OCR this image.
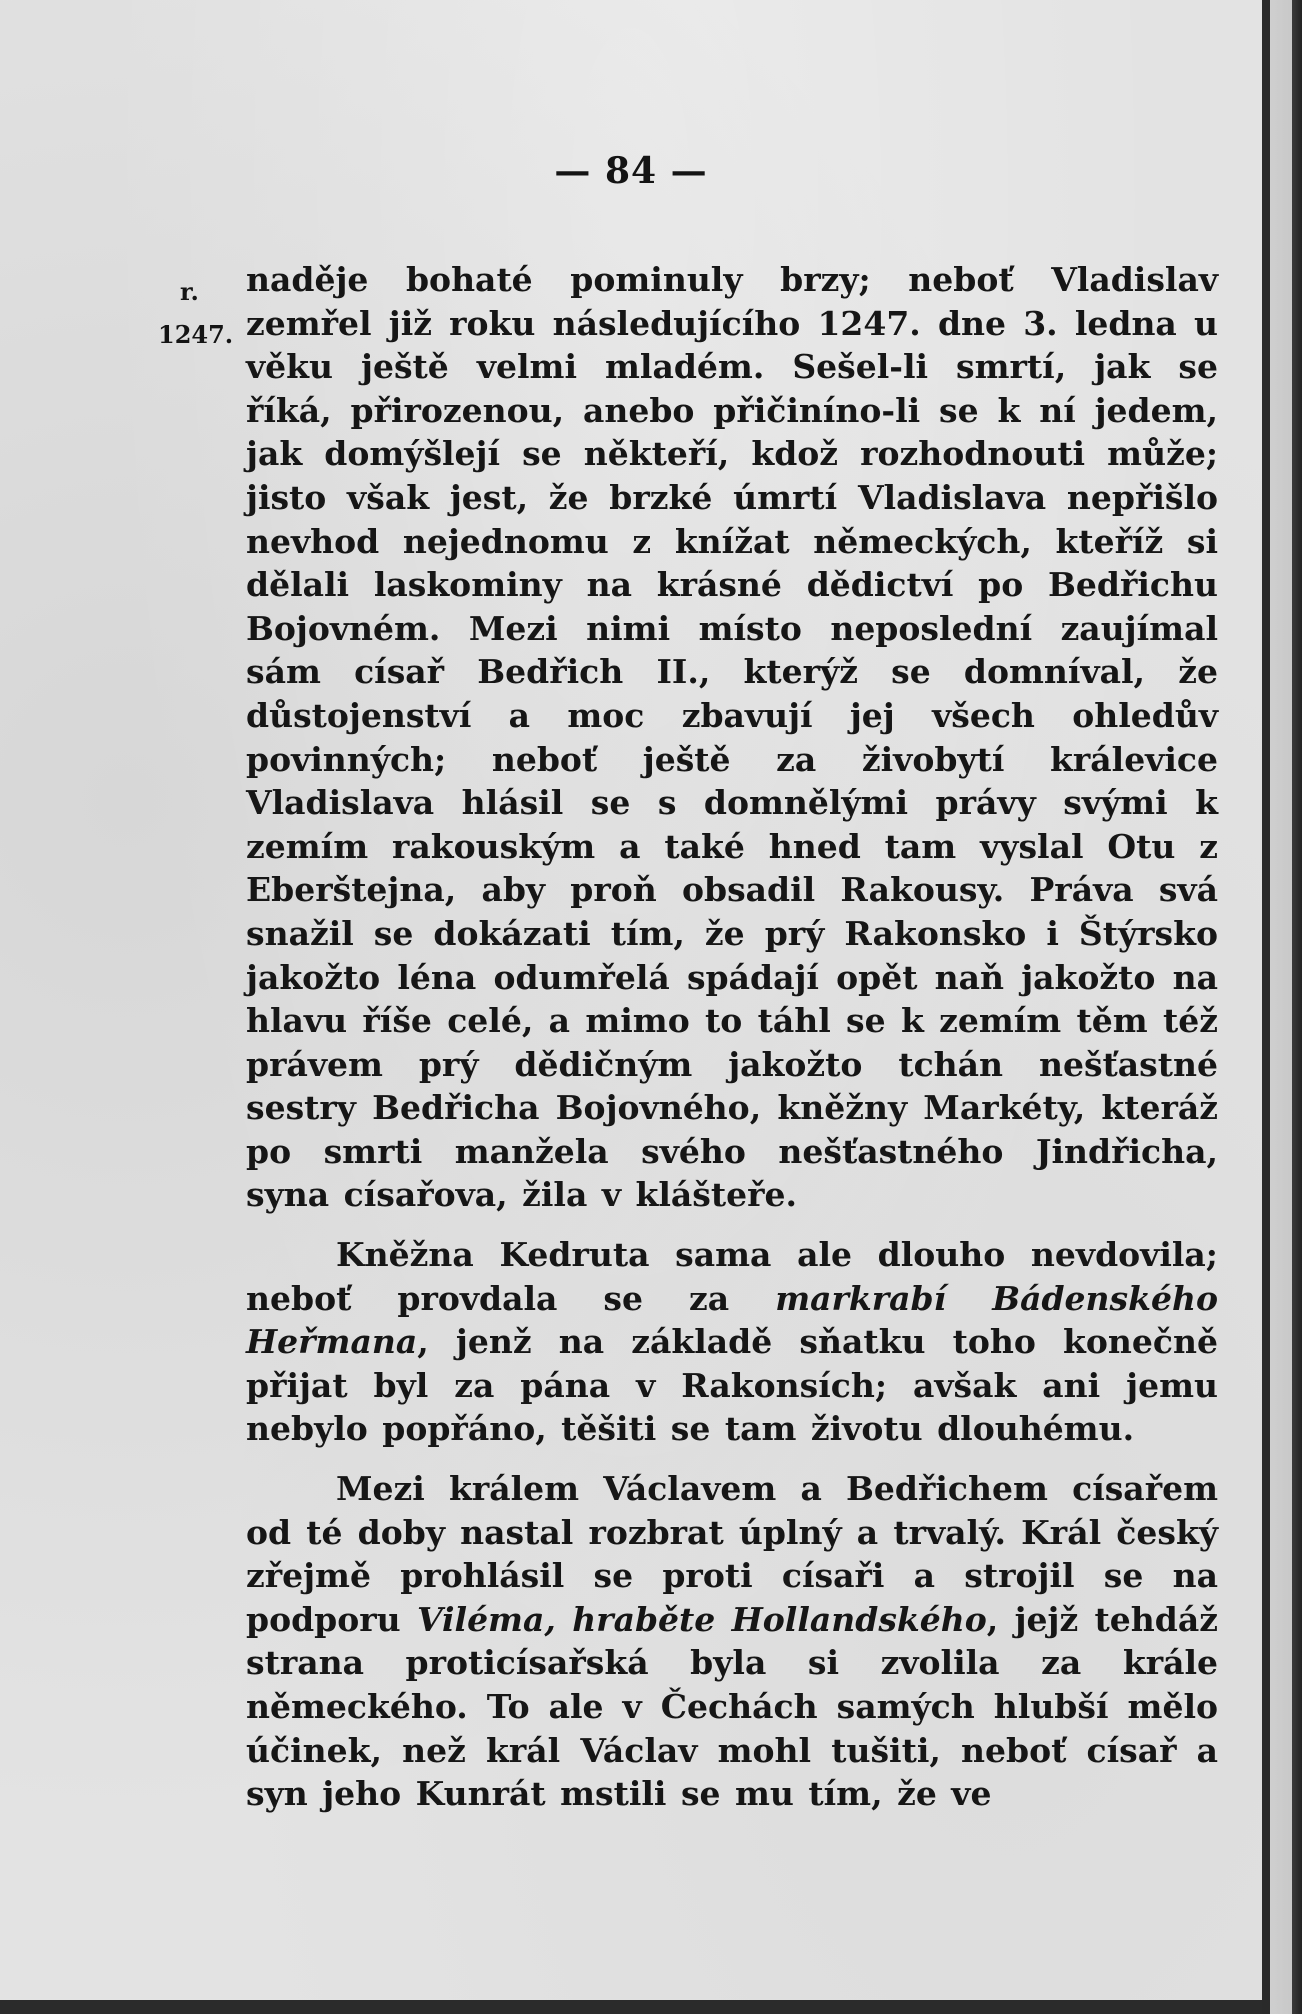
— 84 —
r.
1247.

naděje bohaté pominuly brzy; neboť Vladislav zemřel již roku následujícího 1247. dne 3. ledna u věku ještě velmi mladém. Sešel-li smrtí, jak se říká, přirozenou, anebo přičiníno-li se k ní jedem, jak domýšlejí se někteří, kdož rozhodnouti může; jisto však jest, že brzké úmrtí Vladislava nepřišlo nevhod nejednomu z knížat německých, kteříž si dělali laskominy na krásné dědictví po Bedřichu Bojovném. Mezi nimi místo neposlední zaujímal sám císař Bedřich II., kterýž se domníval, že důstojenství a moc zbavují jej všech ohledův povinných; neboť ještě za živobytí králevice Vladislava hlásil se s domnělými právy svými k zemím rakouským a také hned tam vyslal Otu z Eberštejna, aby proň obsadil Rakousy. Práva svá snažil se dokázati tím, že prý Rakonsko i Štýrsko jakožto léna odumřelá spádají opět naň jakožto na hlavu říše celé, a mimo to táhl se k zemím těm též právem prý dědičným jakožto tchán nešťastné sestry Bedřicha Bojovného, kněžny Markéty, kteráž po smrti manžela svého nešťastného Jindřicha, syna císařova, žila v klášteře.

Kněžna Kedruta sama ale dlouho nevdovila; neboť provdala se za markrabí Bádenského Heřmana, jenž na základě sňatku toho konečně přijat byl za pána v Rakonsích; avšak ani jemu nebylo popřáno, těšiti se tam životu dlouhému.

Mezi králem Václavem a Bedřichem císařem od té doby nastal rozbrat úplný a trvalý. Král český zřejmě prohlásil se proti císaři a strojil se na podporu Viléma, hraběte Hollandského, jejž tehdáž strana proticísařská byla si zvolila za krále německého. To ale v Čechách samých hlubší mělo účinek, než král Václav mohl tušiti, neboť císař a syn jeho Kunrát mstili se mu tím, že ve
